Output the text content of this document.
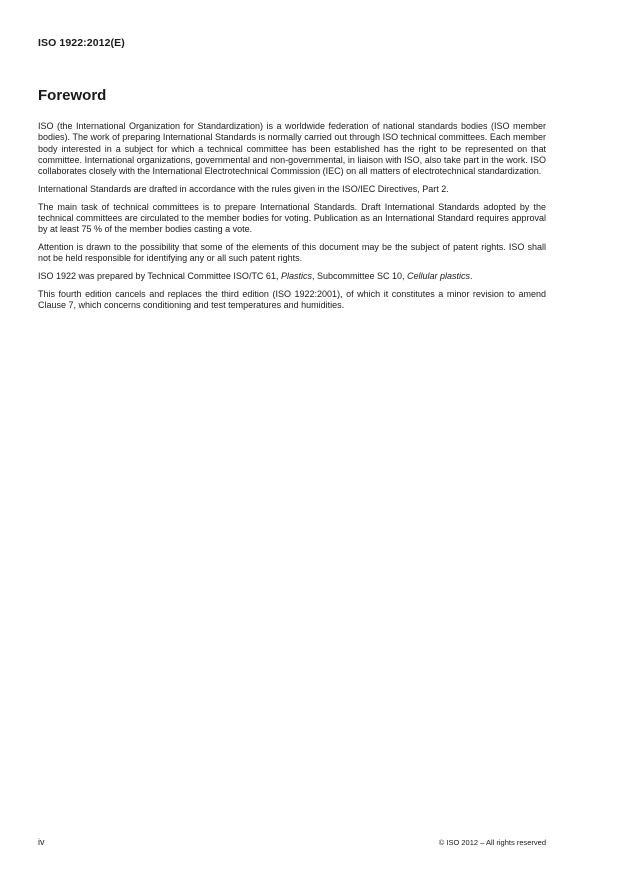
ISO 1922:2012(E)
Foreword

ISO (the International Organization for Standardization) is a worldwide federation of national standards bodies (ISO member bodies). The work of preparing International Standards is normally carried out through ISO technical committees. Each member body interested in a subject for which a technical committee has been established has the right to be represented on that committee. International organizations, governmental and non-governmental, in liaison with ISO, also take part in the work. ISO collaborates closely with the International Electrotechnical Commission (IEC) on all matters of electrotechnical standardization.

International Standards are drafted in accordance with the rules given in the ISO/IEC Directives, Part 2.

The main task of technical committees is to prepare International Standards. Draft International Standards adopted by the technical committees are circulated to the member bodies for voting. Publication as an International Standard requires approval by at least 75 % of the member bodies casting a vote.

Attention is drawn to the possibility that some of the elements of this document may be the subject of patent rights. ISO shall not be held responsible for identifying any or all such patent rights.

ISO 1922 was prepared by Technical Committee ISO/TC 61, Plastics, Subcommittee SC 10, Cellular plastics.

This fourth edition cancels and replaces the third edition (ISO 1922:2001), of which it constitutes a minor revision to amend Clause 7, which concerns conditioning and test temperatures and humidities.

iv	© ISO 2012 – All rights reserved
